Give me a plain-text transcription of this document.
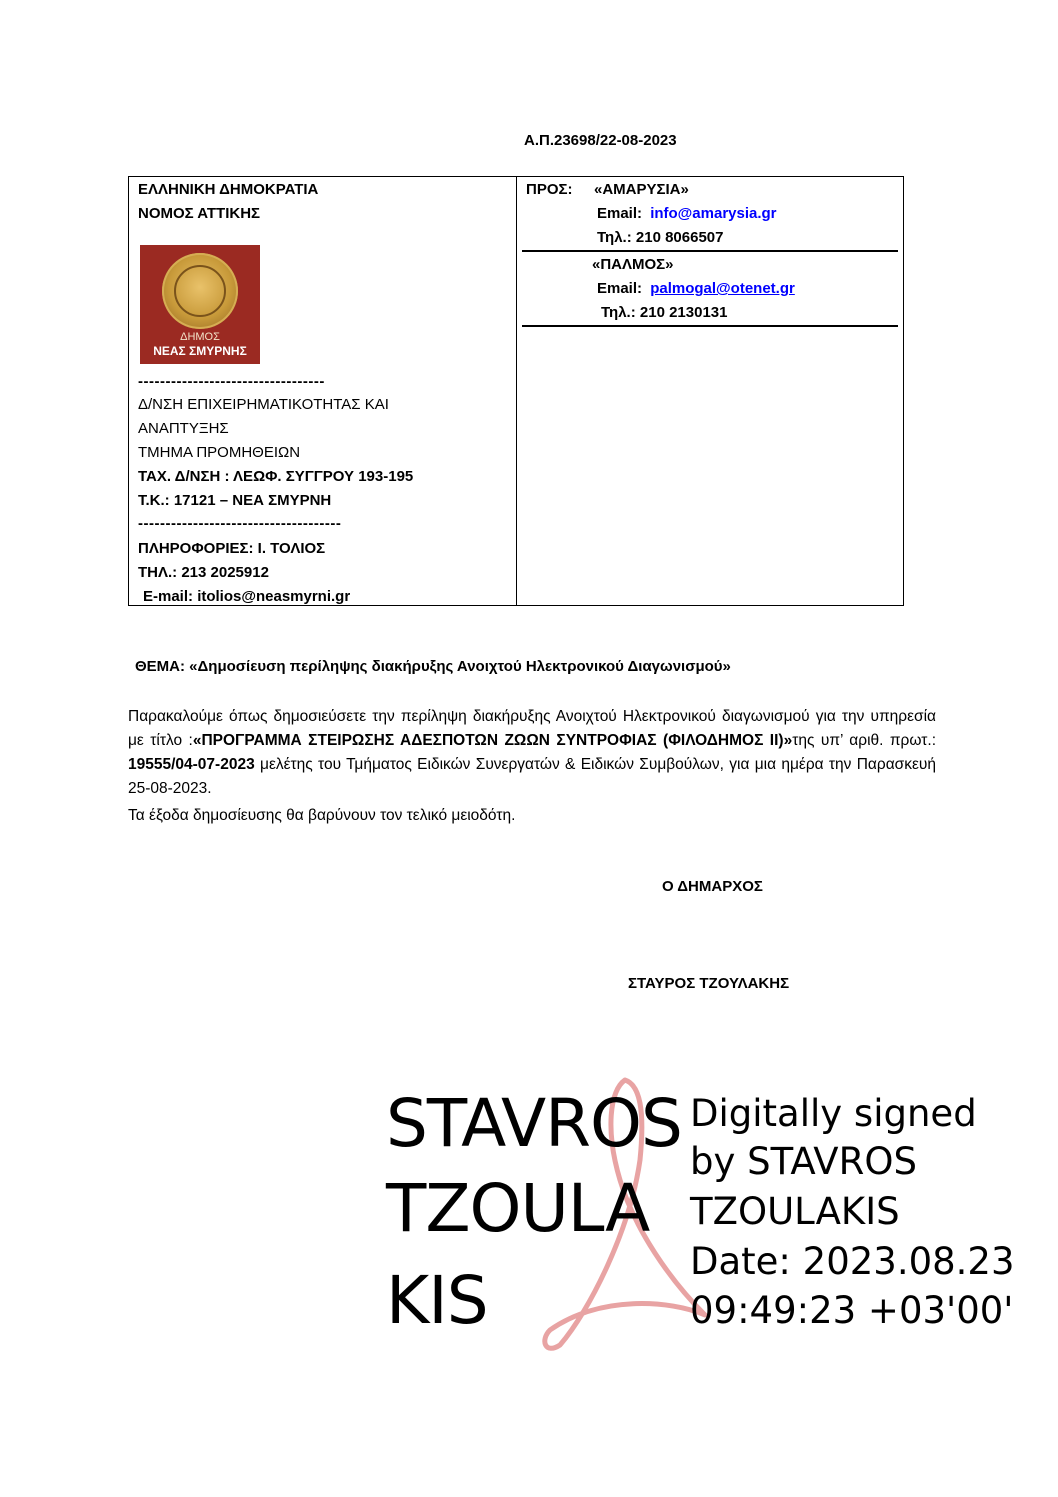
Α.Π.23698/22-08-2023
ΕΛΛΗΝΙΚΗ ΔΗΜΟΚΡΑΤΙΑ
ΝΟΜΟΣ ΑΤΤΙΚΗΣ
ΔΗΜΟΣ
ΝΕΑΣ ΣΜΥΡΝΗΣ
----------------------------------
Δ/ΝΣΗ ΕΠΙΧΕΙΡΗΜΑΤΙΚΟΤΗΤΑΣ ΚΑΙ
ΑΝΑΠΤΥΞΗΣ
ΤΜΗΜΑ ΠΡΟΜΗΘΕΙΩΝ
ΤΑΧ. Δ/ΝΣΗ : ΛΕΩΦ. ΣΥΓΓΡΟΥ 193-195
Τ.Κ.: 17121 – ΝΕΑ ΣΜΥΡΝΗ
-------------------------------------
ΠΛΗΡΟΦΟΡΙΕΣ: Ι. ΤΟΛΙΟΣ
ΤΗΛ.: 213 2025912
E-mail: itolios@neasmyrni.gr
ΠΡΟΣ: «ΑΜΑΡΥΣΙΑ»
Email: info@amarysia.gr
Τηλ.: 210 8066507
«ΠΑΛΜΟΣ»
Email: palmogal@otenet.gr
Τηλ.: 210 2130131
ΘΕΜΑ: «Δημοσίευση περίληψης διακήρυξης Ανοιχτού Ηλεκτρονικού Διαγωνισμού»
Παρακαλούμε όπως δημοσιεύσετε την περίληψη διακήρυξης Ανοιχτού Ηλεκτρονικού διαγωνισμού για την υπηρεσία με τίτλο :«ΠΡΟΓΡΑΜΜΑ ΣΤΕΙΡΩΣΗΣ ΑΔΕΣΠΟΤΩΝ ΖΩΩΝ ΣΥΝΤΡΟΦΙΑΣ (ΦΙΛΟΔΗΜΟΣ ΙΙ)»της υπ’ αριθ. πρωτ.: 19555/04-07-2023 μελέτης του Τμήματος Ειδικών Συνεργατών & Ειδικών Συμβούλων, για μια ημέρα την Παρασκευή 25-08-2023.
Τα έξοδα δημοσίευσης θα βαρύνουν τον τελικό μειοδότη.
Ο ΔΗΜΑΡΧΟΣ
ΣΤΑΥΡΟΣ ΤΖΟΥΛΑΚΗΣ
STAVROS
TZOULA
KIS
Digitally signed
by STAVROS
TZOULAKIS
Date: 2023.08.23
09:49:23 +03'00'
